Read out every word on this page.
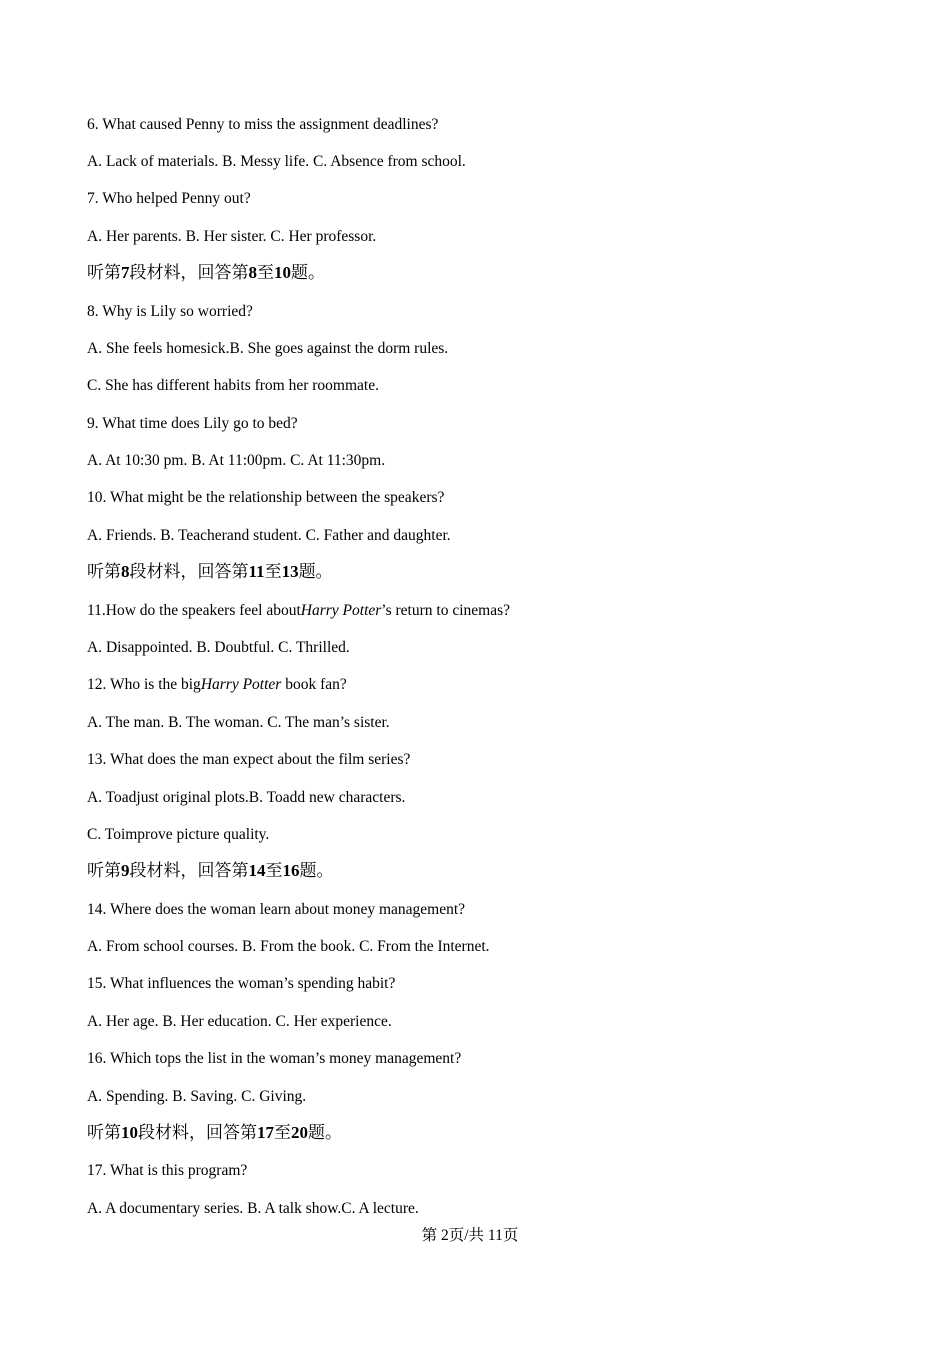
6. What caused Penny to miss the assignment deadlines?
A. Lack of materials. B. Messy life. C. Absence from school.
7. Who helped Penny out?
A. Her parents. B. Her sister. C. Her professor.
听第7段材料，回答第8至10题。
8. Why is Lily so worried?
A. She feels homesick.B. She goes against the dorm rules.
C. She has different habits from her roommate.
9. What time does Lily go to bed?
A. At 10:30 pm. B. At 11:00pm. C. At 11:30pm.
10. What might be the relationship between the speakers?
A. Friends. B. Teacherand student. C. Father and daughter.
听第8段材料，回答第11至13题。
11.How do the speakers feel aboutHarry Potter’s return to cinemas?
A. Disappointed. B. Doubtful. C. Thrilled.
12. Who is the bigHarry Potter book fan?
A. The man. B. The woman. C. The man’s sister.
13. What does the man expect about the film series?
A. Toadjust original plots.B. Toadd new characters.
C. Toimprove picture quality.
听第9段材料，回答第14至16题。
14. Where does the woman learn about money management?
A. From school courses. B. From the book. C. From the Internet.
15. What influences the woman’s spending habit?
A. Her age. B. Her education. C. Her experience.
16. Which tops the list in the woman’s money management?
A. Spending. B. Saving. C. Giving.
听第10段材料，回答第17至20题。
17. What is this program?
A. A documentary series. B. A talk show.C. A lecture.
第 2页/共 11页
